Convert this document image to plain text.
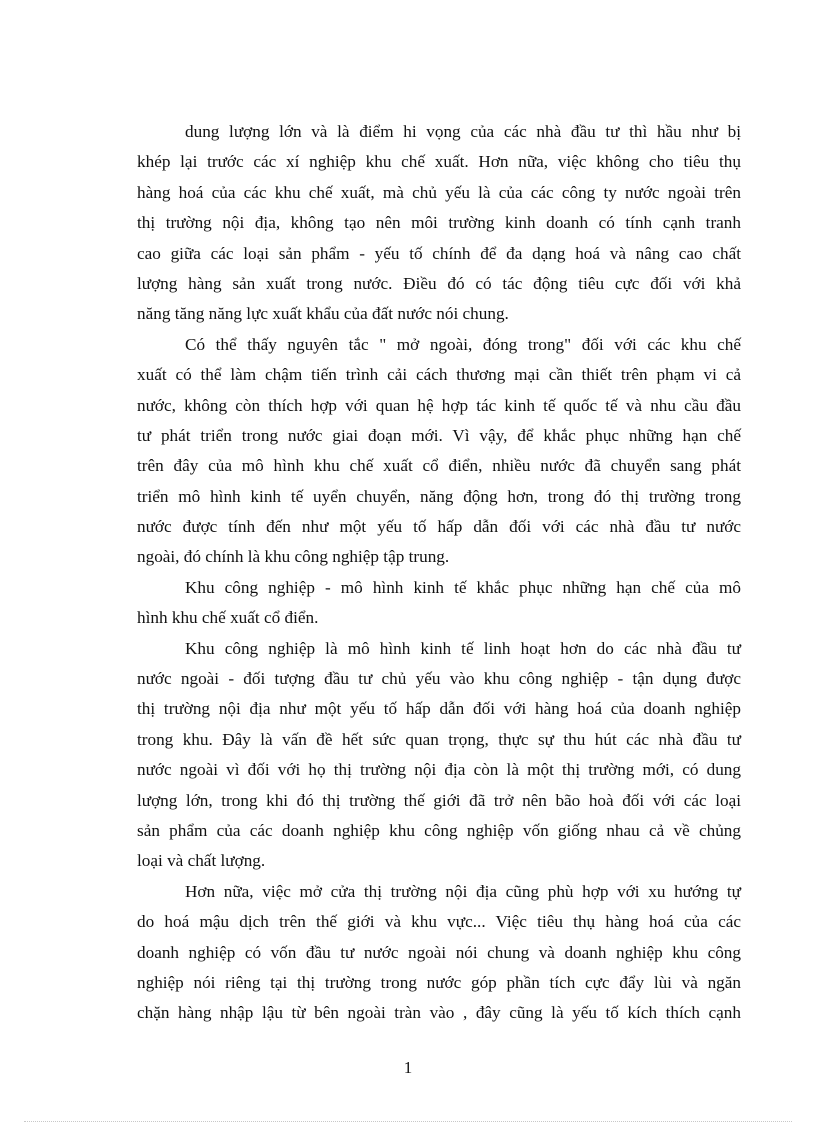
dung lượng lớn và là điểm hi vọng của các nhà đầu tư thì hầu như bị
khép lại trước các xí nghiệp khu chế xuất. Hơn nữa, việc không cho tiêu thụ
hàng hoá của các khu chế xuất, mà chủ yếu là của các công ty nước ngoài trên
thị trường nội địa, không tạo nên môi trường kinh doanh có tính cạnh tranh
cao giữa các loại sản phẩm - yếu tố chính để đa dạng hoá và nâng cao chất
lượng hàng sản xuất trong nước. Điều đó có tác động tiêu cực đối với khả
năng tăng năng lực xuất khẩu của đất nước nói chung.
Có thể thấy nguyên tắc " mở ngoài, đóng trong" đối với các khu chế
xuất có thể làm chậm tiến trình cải cách thương mại cần thiết trên phạm vi cả
nước, không còn thích hợp với quan hệ hợp tác kinh tế quốc tế và nhu cầu đầu
tư phát triển trong nước giai đoạn mới. Vì vậy, để khắc phục những hạn chế
trên đây của mô hình khu chế xuất cổ điển, nhiều nước đã chuyển sang phát
triển mô hình kinh tế uyển chuyển, năng động hơn, trong đó thị trường trong
nước được tính đến như một yếu tố hấp dẫn đối với các nhà đầu tư nước
ngoài, đó chính là khu công nghiệp tập trung.
Khu công nghiệp - mô hình kinh tế khắc phục những hạn chế của mô
hình khu chế xuất cổ điển.
Khu công nghiệp là mô hình kinh tế linh hoạt hơn do các nhà đầu tư
nước ngoài - đối tượng đầu tư chủ yếu vào khu công nghiệp - tận dụng được
thị trường nội địa như một yếu tố hấp dẫn đối với hàng hoá của doanh nghiệp
trong khu. Đây là vấn đề hết sức quan trọng, thực sự thu hút các nhà đầu tư
nước ngoài vì đối với họ thị trường nội địa còn là một thị trường mới, có dung
lượng lớn, trong khi đó thị trường thế giới đã trở nên bão hoà đối với các loại
sản phẩm của các doanh nghiệp khu công nghiệp vốn giống nhau cả về chủng
loại và chất lượng.
Hơn nữa, việc mở cửa thị trường nội địa cũng phù hợp với xu hướng tự
do hoá mậu dịch trên thế giới và khu vực... Việc tiêu thụ hàng hoá của các
doanh nghiệp có vốn đầu tư nước ngoài nói chung và doanh nghiệp khu công
nghiệp nói riêng tại thị trường trong nước góp phần tích cực đẩy lùi và ngăn
chặn hàng nhập lậu từ bên ngoài tràn vào , đây cũng là yếu tố kích thích cạnh
1
